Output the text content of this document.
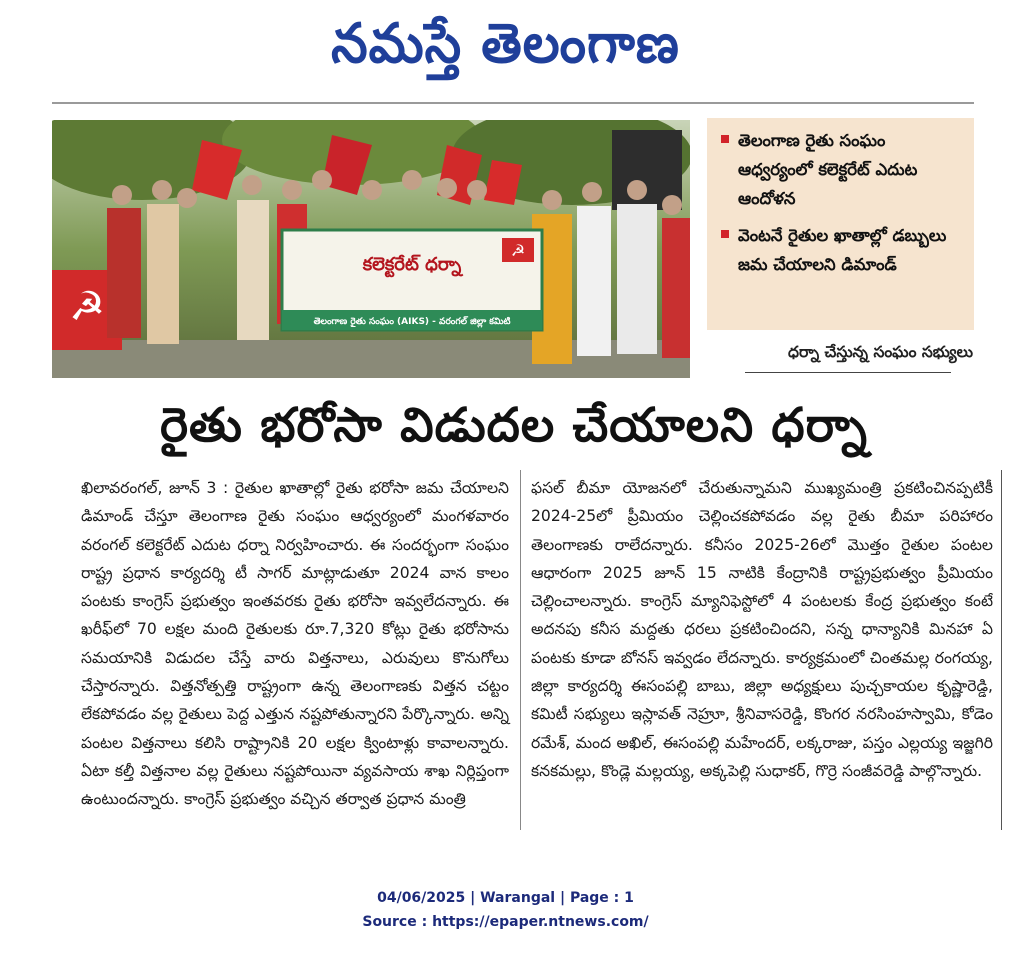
నమస్తే తెలంగాణ
కలెక్టరేట్ ధర్నా
తెలంగాణ రైతు సంఘం (AIKS) - వరంగల్ జిల్లా కమిటి
☭
☭
తెలంగాణ రైతు సంఘం ఆధ్వర్యంలో కలెక్టరేట్ ఎదుట ఆందోళన
వెంటనే రైతుల ఖాతాల్లో డబ్బులు జమ చేయాలని డిమాండ్
ధర్నా చేస్తున్న సంఘం సభ్యులు
రైతు భరోసా విడుదల చేయాలని ధర్నా

ఖిలావరంగల్, జూన్ 3 : రైతుల ఖాతాల్లో రైతు భరోసా జమ చేయాలని డిమాండ్ చేస్తూ తెలంగాణ రైతు సంఘం ఆధ్వర్యంలో మంగళవారం వరంగల్ కలెక్టరేట్ ఎదుట ధర్నా నిర్వహించారు. ఈ సందర్భంగా సంఘం రాష్ట్ర ప్రధాన కార్యదర్శి టీ సాగర్ మాట్లాడుతూ 2024 వాన కాలం పంటకు కాంగ్రెస్ ప్రభుత్వం ఇంతవరకు రైతు భరోసా ఇవ్వలేదన్నారు. ఈ ఖరీఫ్‌లో 70 లక్షల మంది రైతులకు రూ.7,320 కోట్లు రైతు భరోసాను సమయానికి విడుదల చేస్తే వారు విత్తనాలు, ఎరువులు కొనుగోలు చేస్తారన్నారు. విత్తనోత్పత్తి రాష్ట్రంగా ఉన్న తెలంగాణకు విత్తన చట్టం లేకపోవడం వల్ల రైతులు పెద్ద ఎత్తున నష్టపోతున్నారని పేర్కొన్నారు. అన్ని పంటల విత్తనాలు కలిసి రాష్ట్రానికి 20 లక్షల క్వింటాళ్లు కావాలన్నారు. ఏటా కల్తీ విత్తనాల వల్ల రైతులు నష్టపోయినా వ్యవసాయ శాఖ నిర్లిప్తంగా ఉంటుందన్నారు. కాంగ్రెస్ ప్రభుత్వం వచ్చిన తర్వాత ప్రధాన మంత్రి

ఫసల్ బీమా యోజనలో చేరుతున్నామని ముఖ్యమంత్రి ప్రకటించినప్పటికీ 2024-25లో ప్రీమియం చెల్లించకపోవడం వల్ల రైతు బీమా పరిహారం తెలంగాణకు రాలేదన్నారు. కనీసం 2025-26లో మొత్తం రైతుల పంటల ఆధారంగా 2025 జూన్ 15 నాటికి కేంద్రానికి రాష్ట్రప్రభుత్వం ప్రీమియం చెల్లించాలన్నారు. కాంగ్రెస్ మ్యానిఫెస్టోలో 4 పంటలకు కేంద్ర ప్రభుత్వం కంటే అదనపు కనీస మద్దతు ధరలు ప్రకటించిందని, సన్న ధాన్యానికి మినహా ఏ పంటకు కూడా బోనస్ ఇవ్వడం లేదన్నారు. కార్యక్రమంలో చింతమల్ల రంగయ్య, జిల్లా కార్యదర్శి ఈసంపల్లి బాబు, జిల్లా అధ్యక్షులు పుచ్చకాయల కృష్ణారెడ్డి, కమిటీ సభ్యులు ఇస్లావత్ నెహ్రూ, శ్రీనివాసరెడ్డి, కొంగర నరసింహస్వామి, కోడెం రమేశ్, మంద అఖిల్, ఈసంపల్లి మహేందర్, లక్కరాజు, పస్తం ఎల్లయ్య ఇజ్జగిరి కనకమల్లు, కొండ్లె మల్లయ్య, అక్కపెల్లి సుధాకర్, గొర్రె సంజీవరెడ్డి పాల్గొన్నారు.

04/06/2025 | Warangal | Page : 1
Source : https://epaper.ntnews.com/
